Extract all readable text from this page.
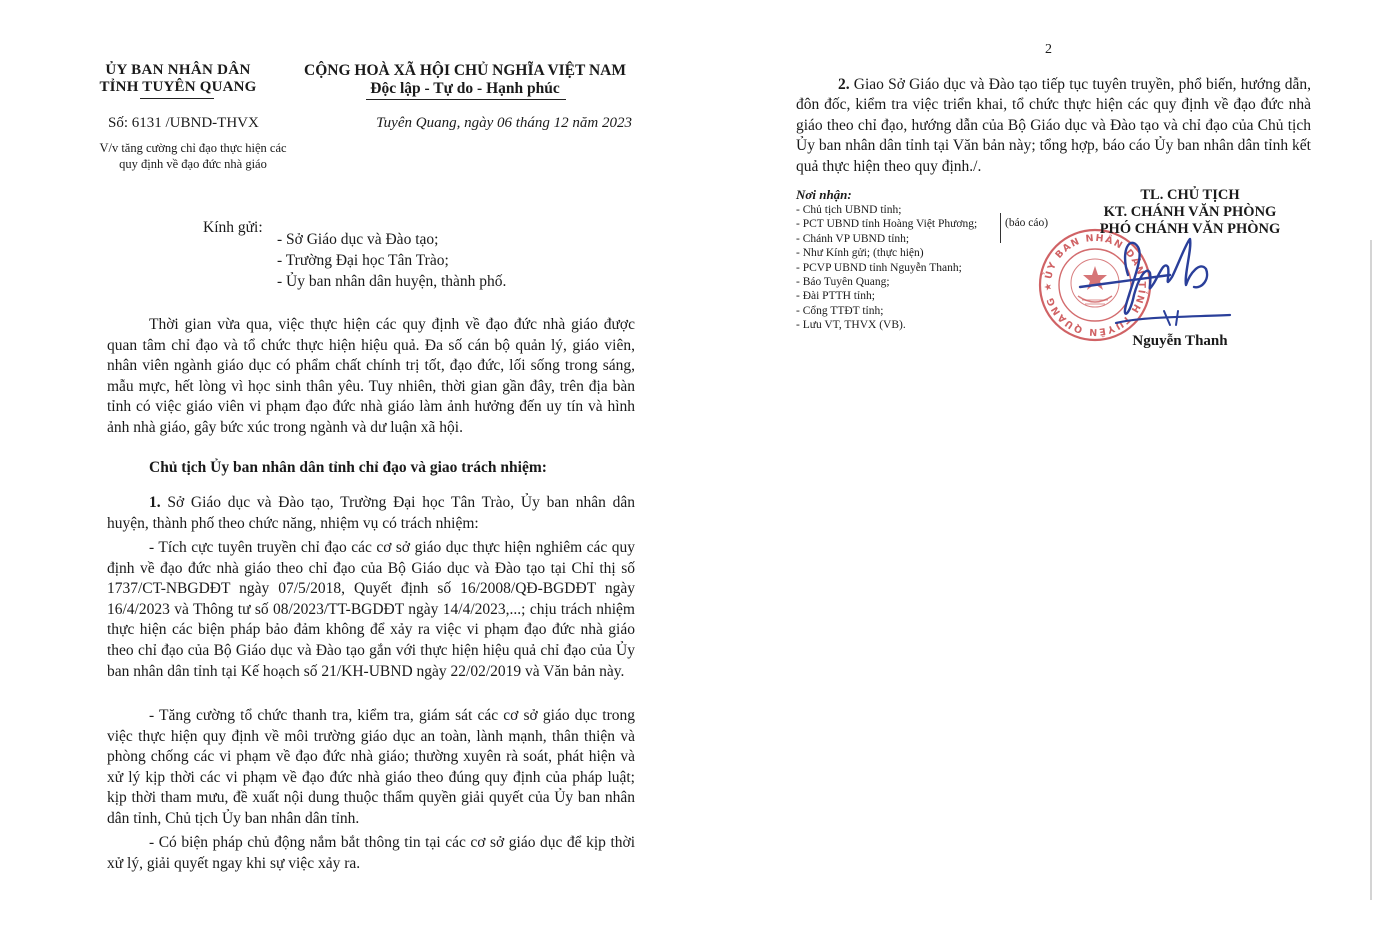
ỦY BAN NHÂN DÂN
TỈNH TUYÊN QUANG
Số: 6131 /UBND-THVX
V/v tăng cường chỉ đạo thực hiện các quy định về đạo đức nhà giáo
CỘNG HOÀ XÃ HỘI CHỦ NGHĨA VIỆT NAM
Độc lập - Tự do - Hạnh phúc
Tuyên Quang, ngày 06 tháng 12 năm 2023
Kính gửi:
- Sở Giáo dục và Đào tạo;
- Trường Đại học Tân Trào;
- Ủy ban nhân dân huyện, thành phố.

Thời gian vừa qua, việc thực hiện các quy định về đạo đức nhà giáo được quan tâm chỉ đạo và tổ chức thực hiện hiệu quả. Đa số cán bộ quản lý, giáo viên, nhân viên ngành giáo dục có phẩm chất chính trị tốt, đạo đức, lối sống trong sáng, mẫu mực, hết lòng vì học sinh thân yêu. Tuy nhiên, thời gian gần đây, trên địa bàn tỉnh có việc giáo viên vi phạm đạo đức nhà giáo làm ảnh hưởng đến uy tín và hình ảnh nhà giáo, gây bức xúc trong ngành và dư luận xã hội.

Chủ tịch Ủy ban nhân dân tỉnh chỉ đạo và giao trách nhiệm:

1. Sở Giáo dục và Đào tạo, Trường Đại học Tân Trào, Ủy ban nhân dân huyện, thành phố theo chức năng, nhiệm vụ có trách nhiệm:

- Tích cực tuyên truyền chỉ đạo các cơ sở giáo dục thực hiện nghiêm các quy định về đạo đức nhà giáo theo chỉ đạo của Bộ Giáo dục và Đào tạo tại Chỉ thị số 1737/CT-NBGDĐT ngày 07/5/2018, Quyết định số 16/2008/QĐ-BGDĐT ngày 16/4/2023 và Thông tư số 08/2023/TT-BGDĐT ngày 14/4/2023,...; chịu trách nhiệm thực hiện các biện pháp bảo đảm không để xảy ra việc vi phạm đạo đức nhà giáo theo chỉ đạo của Bộ Giáo dục và Đào tạo gắn với thực hiện hiệu quả chỉ đạo của Ủy ban nhân dân tỉnh tại Kế hoạch số 21/KH-UBND ngày 22/02/2019 và Văn bản này.

- Tăng cường tổ chức thanh tra, kiểm tra, giám sát các cơ sở giáo dục trong việc thực hiện quy định về môi trường giáo dục an toàn, lành mạnh, thân thiện và phòng chống các vi phạm về đạo đức nhà giáo; thường xuyên rà soát, phát hiện và xử lý kịp thời các vi phạm về đạo đức nhà giáo theo đúng quy định của pháp luật; kịp thời tham mưu, đề xuất nội dung thuộc thẩm quyền giải quyết của Ủy ban nhân dân tỉnh, Chủ tịch Ủy ban nhân dân tỉnh.

- Có biện pháp chủ động nắm bắt thông tin tại các cơ sở giáo dục để kịp thời xử lý, giải quyết ngay khi sự việc xảy ra.

2

2. Giao Sở Giáo dục và Đào tạo tiếp tục tuyên truyền, phổ biến, hướng dẫn, đôn đốc, kiểm tra việc triển khai, tổ chức thực hiện các quy định về đạo đức nhà giáo theo chỉ đạo, hướng dẫn của Bộ Giáo dục và Đào tạo và chỉ đạo của Chủ tịch Ủy ban nhân dân tỉnh tại Văn bản này; tổng hợp, báo cáo Ủy ban nhân dân tỉnh kết quả thực hiện theo quy định./.

Nơi nhận:
- Chủ tịch UBND tỉnh;
- PCT UBND tỉnh Hoàng Việt Phương;
- Chánh VP UBND tỉnh;
- Như Kính gửi; (thực hiện)
- PCVP UBND tỉnh Nguyễn Thanh;
- Báo Tuyên Quang;
- Đài PTTH tỉnh;
- Cổng TTĐT tỉnh;
- Lưu VT, THVX (VB).
(báo cáo)
ỦY BAN NHÂN DÂN TỈNH TUYÊN QUANG ★
TL. CHỦ TỊCH
KT. CHÁNH VĂN PHÒNG
PHÓ CHÁNH VĂN PHÒNG
Nguyễn Thanh
